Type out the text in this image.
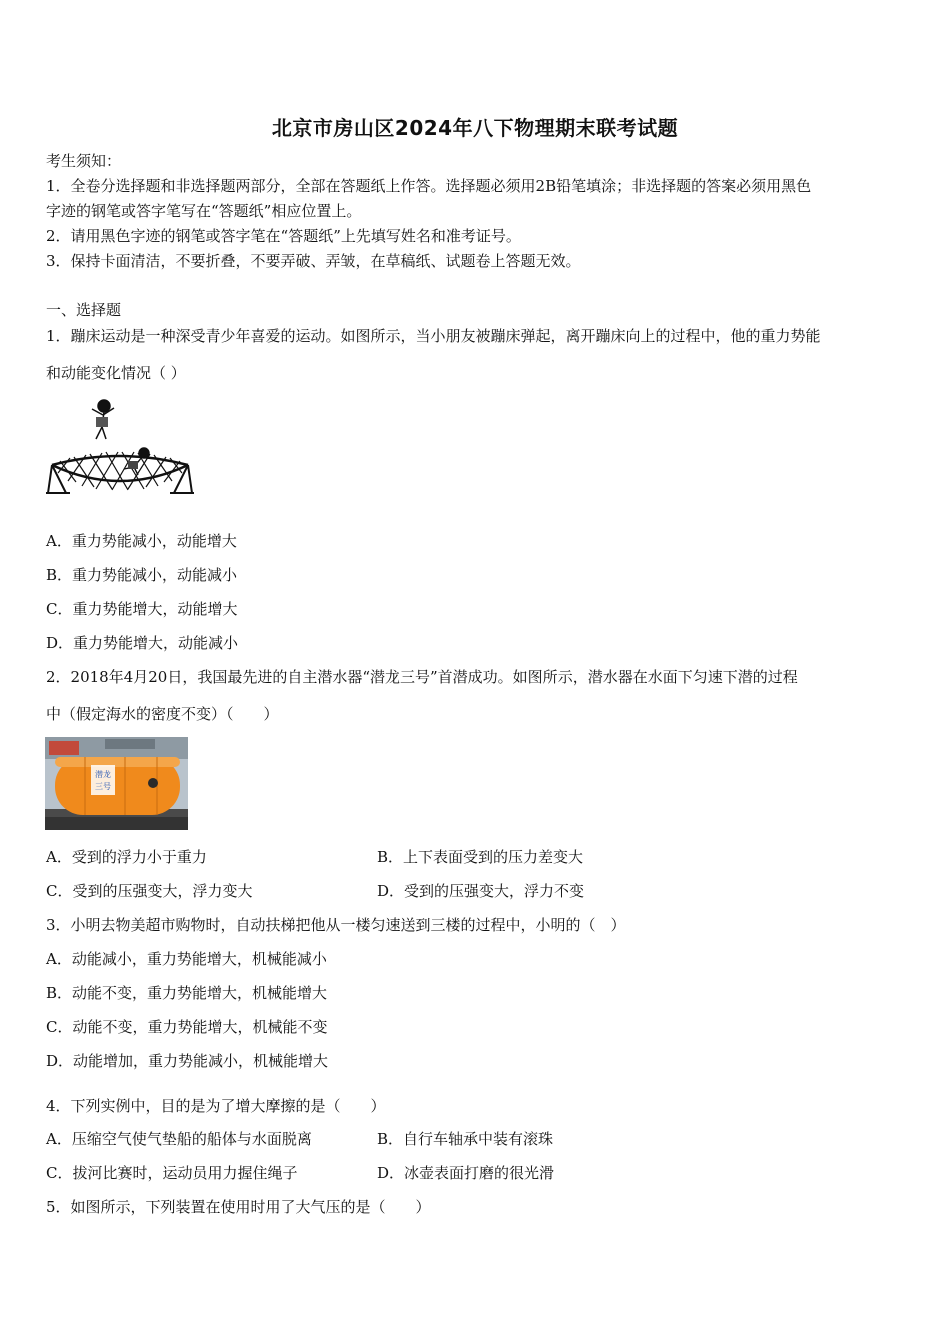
北京市房山区2024年八下物理期末联考试题
考生须知：
1．全卷分选择题和非选择题两部分，全部在答题纸上作答。选择题必须用2B铅笔填涂；非选择题的答案必须用黑色
字迹的钢笔或答字笔写在“答题纸”相应位置上。
2．请用黑色字迹的钢笔或答字笔在“答题纸”上先填写姓名和准考证号。
3．保持卡面清洁，不要折叠，不要弄破、弄皱，在草稿纸、试题卷上答题无效。
一、选择题
1．蹦床运动是一种深受青少年喜爱的运动。如图所示，当小朋友被蹦床弹起，离开蹦床向上的过程中，他的重力势能
和动能变化情况（ ）
A．重力势能减小，动能增大
B．重力势能减小，动能减小
C．重力势能增大，动能增大
D．重力势能增大，动能减小
2．2018年4月20日，我国最先进的自主潜水器“潜龙三号”首潜成功。如图所示，潜水器在水面下匀速下潜的过程
中（假定海水的密度不变）（　　）
潜龙
三号
A．受到的浮力小于重力	B．上下表面受到的压力差变大
C．受到的压强变大，浮力变大	D．受到的压强变大，浮力不变
3．小明去物美超市购物时，自动扶梯把他从一楼匀速送到三楼的过程中，小明的（　）
A．动能减小，重力势能增大，机械能减小
B．动能不变，重力势能增大，机械能增大
C．动能不变，重力势能增大，机械能不变
D．动能增加，重力势能减小，机械能增大
4．下列实例中，目的是为了增大摩擦的是（　　）
A．压缩空气使气垫船的船体与水面脱离	B．自行车轴承中装有滚珠
C．拔河比赛时，运动员用力握住绳子	D．冰壶表面打磨的很光滑
5．如图所示，下列装置在使用时用了大气压的是（　　）
